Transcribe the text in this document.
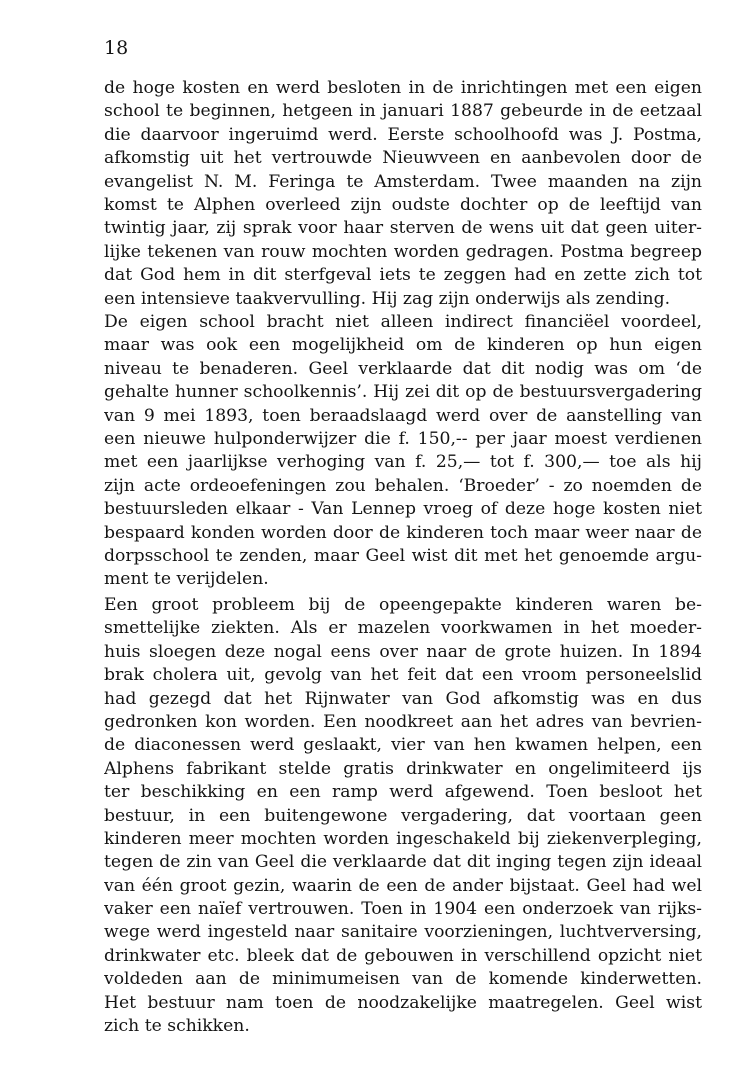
18

de hoge kosten en werd besloten in de inrichtingen met een eigen
school te beginnen, hetgeen in januari 1887 gebeurde in de eetzaal
die daarvoor ingeruimd werd. Eerste schoolhoofd was J. Postma,
afkomstig uit het vertrouwde Nieuwveen en aanbevolen door de
evangelist N. M. Feringa te Amsterdam. Twee maanden na zijn
komst te Alphen overleed zijn oudste dochter op de leeftijd van
twintig jaar, zij sprak voor haar sterven de wens uit dat geen uiter-
lijke tekenen van rouw mochten worden gedragen. Postma begreep
dat God hem in dit sterfgeval iets te zeggen had en zette zich tot
een intensieve taakvervulling. Hij zag zijn onderwijs als zending.
De eigen school bracht niet alleen indirect financiëel voordeel,
maar was ook een mogelijkheid om de kinderen op hun eigen
niveau te benaderen. Geel verklaarde dat dit nodig was om ‘de
gehalte hunner schoolkennis’. Hij zei dit op de bestuursvergadering
van 9 mei 1893, toen beraadslaagd werd over de aanstelling van
een nieuwe hulponderwijzer die f. 150,-- per jaar moest verdienen
met een jaarlijkse verhoging van f. 25,— tot f. 300,— toe als hij
zijn acte ordeoefeningen zou behalen. ‘Broeder’ - zo noemden de
bestuursleden elkaar - Van Lennep vroeg of deze hoge kosten niet
bespaard konden worden door de kinderen toch maar weer naar de
dorpsschool te zenden, maar Geel wist dit met het genoemde argu-
ment te verijdelen.
Een groot probleem bij de opeengepakte kinderen waren be-
smettelijke ziekten. Als er mazelen voorkwamen in het moeder-
huis sloegen deze nogal eens over naar de grote huizen. In 1894
brak cholera uit, gevolg van het feit dat een vroom personeelslid
had gezegd dat het Rijnwater van God afkomstig was en dus
gedronken kon worden. Een noodkreet aan het adres van bevrien-
de diaconessen werd geslaakt, vier van hen kwamen helpen, een
Alphens fabrikant stelde gratis drinkwater en ongelimiteerd ijs
ter beschikking en een ramp werd afgewend. Toen besloot het
bestuur, in een buitengewone vergadering, dat voortaan geen
kinderen meer mochten worden ingeschakeld bij ziekenverpleging,
tegen de zin van Geel die verklaarde dat dit inging tegen zijn ideaal
van één groot gezin, waarin de een de ander bijstaat. Geel had wel
vaker een naïef vertrouwen. Toen in 1904 een onderzoek van rijks-
wege werd ingesteld naar sanitaire voorzieningen, luchtverversing,
drinkwater etc. bleek dat de gebouwen in verschillend opzicht niet
voldeden aan de minimumeisen van de komende kinderwetten.
Het bestuur nam toen de noodzakelijke maatregelen. Geel wist
zich te schikken.
